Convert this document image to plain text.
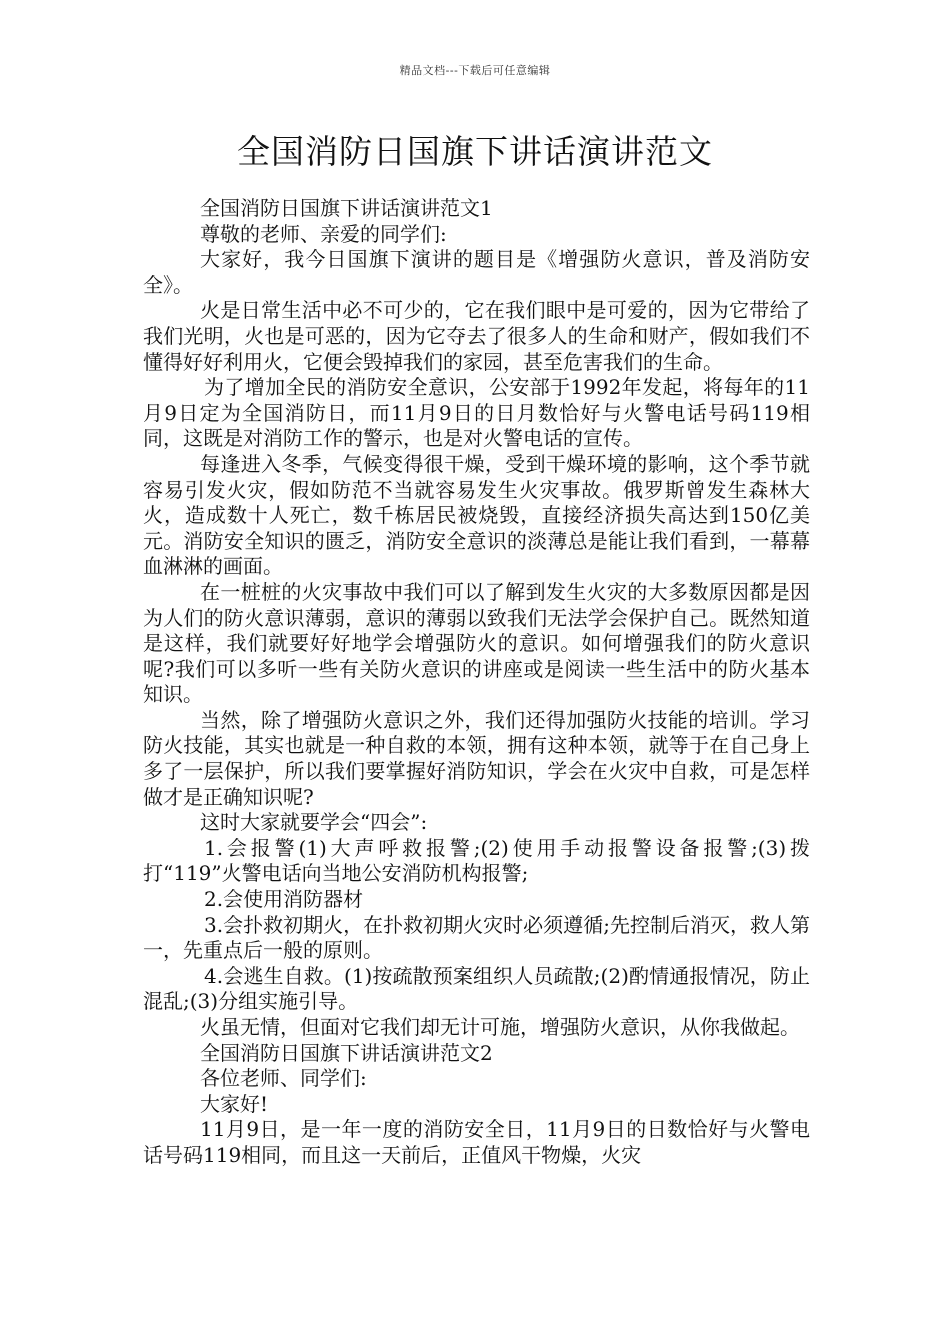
精品文档---下载后可任意编辑
全国消防日国旗下讲话演讲范文

全国消防日国旗下讲话演讲范文1

尊敬的老师、亲爱的同学们:

大家好，我今日国旗下演讲的题目是《增强防火意识，普及消防安全》。

火是日常生活中必不可少的，它在我们眼中是可爱的，因为它带给了我们光明，火也是可恶的，因为它夺去了很多人的生命和财产，假如我们不懂得好好利用火，它便会毁掉我们的家园，甚至危害我们的生命。

为了增加全民的消防安全意识，公安部于1992年发起，将每年的11月9日定为全国消防日，而11月9日的日月数恰好与火警电话号码119相同，这既是对消防工作的警示，也是对火警电话的宣传。

每逢进入冬季，气候变得很干燥，受到干燥环境的影响，这个季节就容易引发火灾，假如防范不当就容易发生火灾事故。俄罗斯曾发生森林大火，造成数十人死亡，数千栋居民被烧毁，直接经济损失高达到150亿美元。消防安全知识的匮乏，消防安全意识的淡薄总是能让我们看到，一幕幕血淋淋的画面。

在一桩桩的火灾事故中我们可以了解到发生火灾的大多数原因都是因为人们的防火意识薄弱，意识的薄弱以致我们无法学会保护自己。既然知道是这样，我们就要好好地学会增强防火的意识。如何增强我们的防火意识呢?我们可以多听一些有关防火意识的讲座或是阅读一些生活中的防火基本知识。

当然，除了增强防火意识之外，我们还得加强防火技能的培训。学习防火技能，其实也就是一种自救的本领，拥有这种本领，就等于在自己身上多了一层保护，所以我们要掌握好消防知识，学会在火灾中自救，可是怎样做才是正确知识呢?

这时大家就要学会“四会”:

1.会报警(1)大声呼救报警;(2)使用手动报警设备报警;(3)拨打“119”火警电话向当地公安消防机构报警;

2.会使用消防器材

3.会扑救初期火，在扑救初期火灾时必须遵循;先控制后消灭，救人第一，先重点后一般的原则。

4.会逃生自救。(1)按疏散预案组织人员疏散;(2)酌情通报情况，防止混乱;(3)分组实施引导。

火虽无情，但面对它我们却无计可施，增强防火意识，从你我做起。

全国消防日国旗下讲话演讲范文2

各位老师、同学们:

大家好!

11月9日，是一年一度的消防安全日，11月9日的日数恰好与火警电话号码119相同，而且这一天前后，正值风干物燥，火灾
